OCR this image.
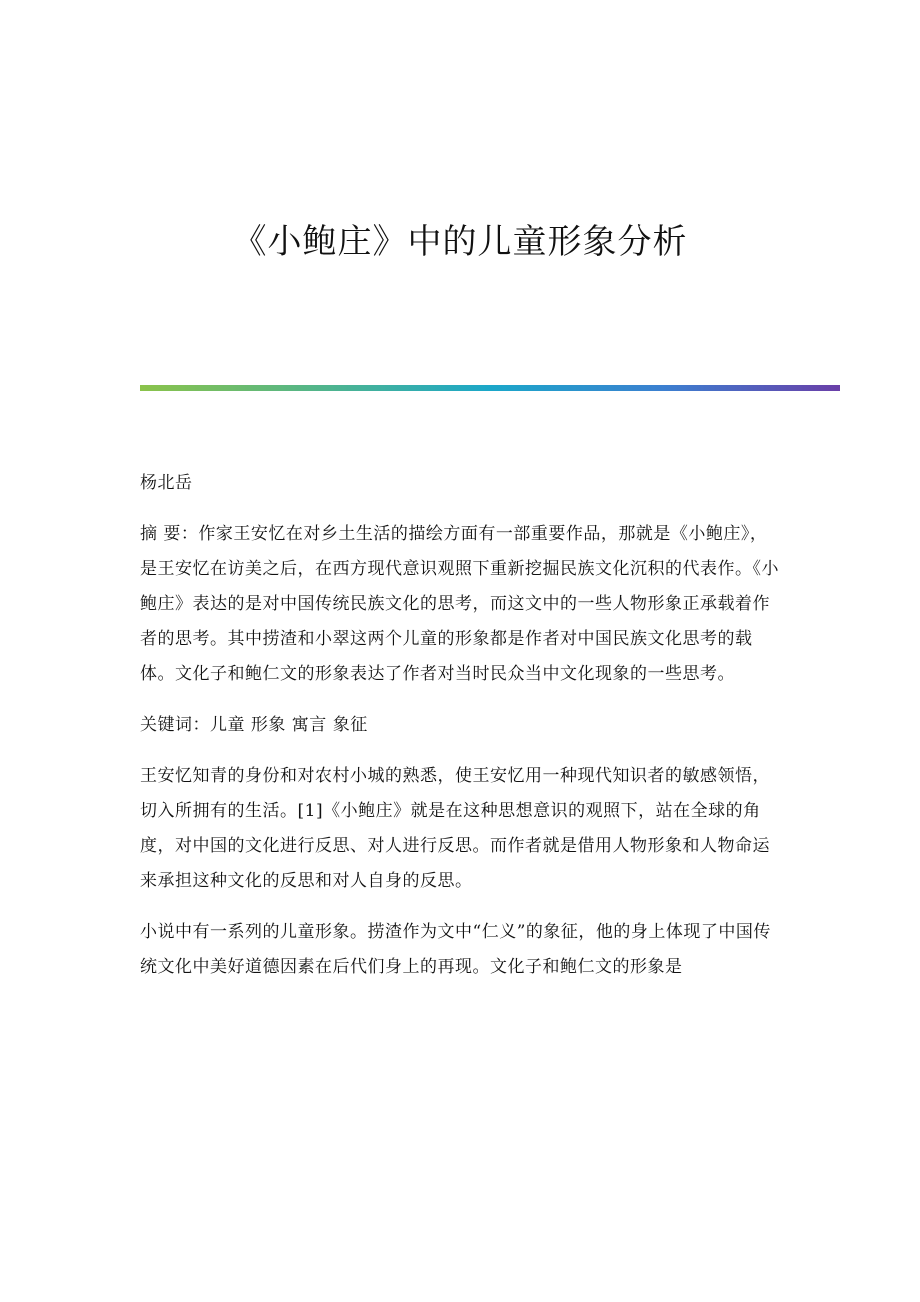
《小鲍庄》中的儿童形象分析

杨北岳

摘 要：作家王安忆在对乡土生活的描绘方面有一部重要作品，那就是《小鲍庄》，是王安忆在访美之后，在西方现代意识观照下重新挖掘民族文化沉积的代表作。《小鲍庄》表达的是对中国传统民族文化的思考，而这文中的一些人物形象正承载着作者的思考。其中捞渣和小翠这两个儿童的形象都是作者对中国民族文化思考的载体。文化子和鲍仁文的形象表达了作者对当时民众当中文化现象的一些思考。

关键词：儿童 形象 寓言 象征

王安忆知青的身份和对农村小城的熟悉，使王安忆用一种现代知识者的敏感领悟，切入所拥有的生活。[1]《小鲍庄》就是在这种思想意识的观照下，站在全球的角度，对中国的文化进行反思、对人进行反思。而作者就是借用人物形象和人物命运来承担这种文化的反思和对人自身的反思。

小说中有一系列的儿童形象。捞渣作为文中“仁义”的象征，他的身上体现了中国传统文化中美好道德因素在后代们身上的再现。文化子和鲍仁文的形象是
